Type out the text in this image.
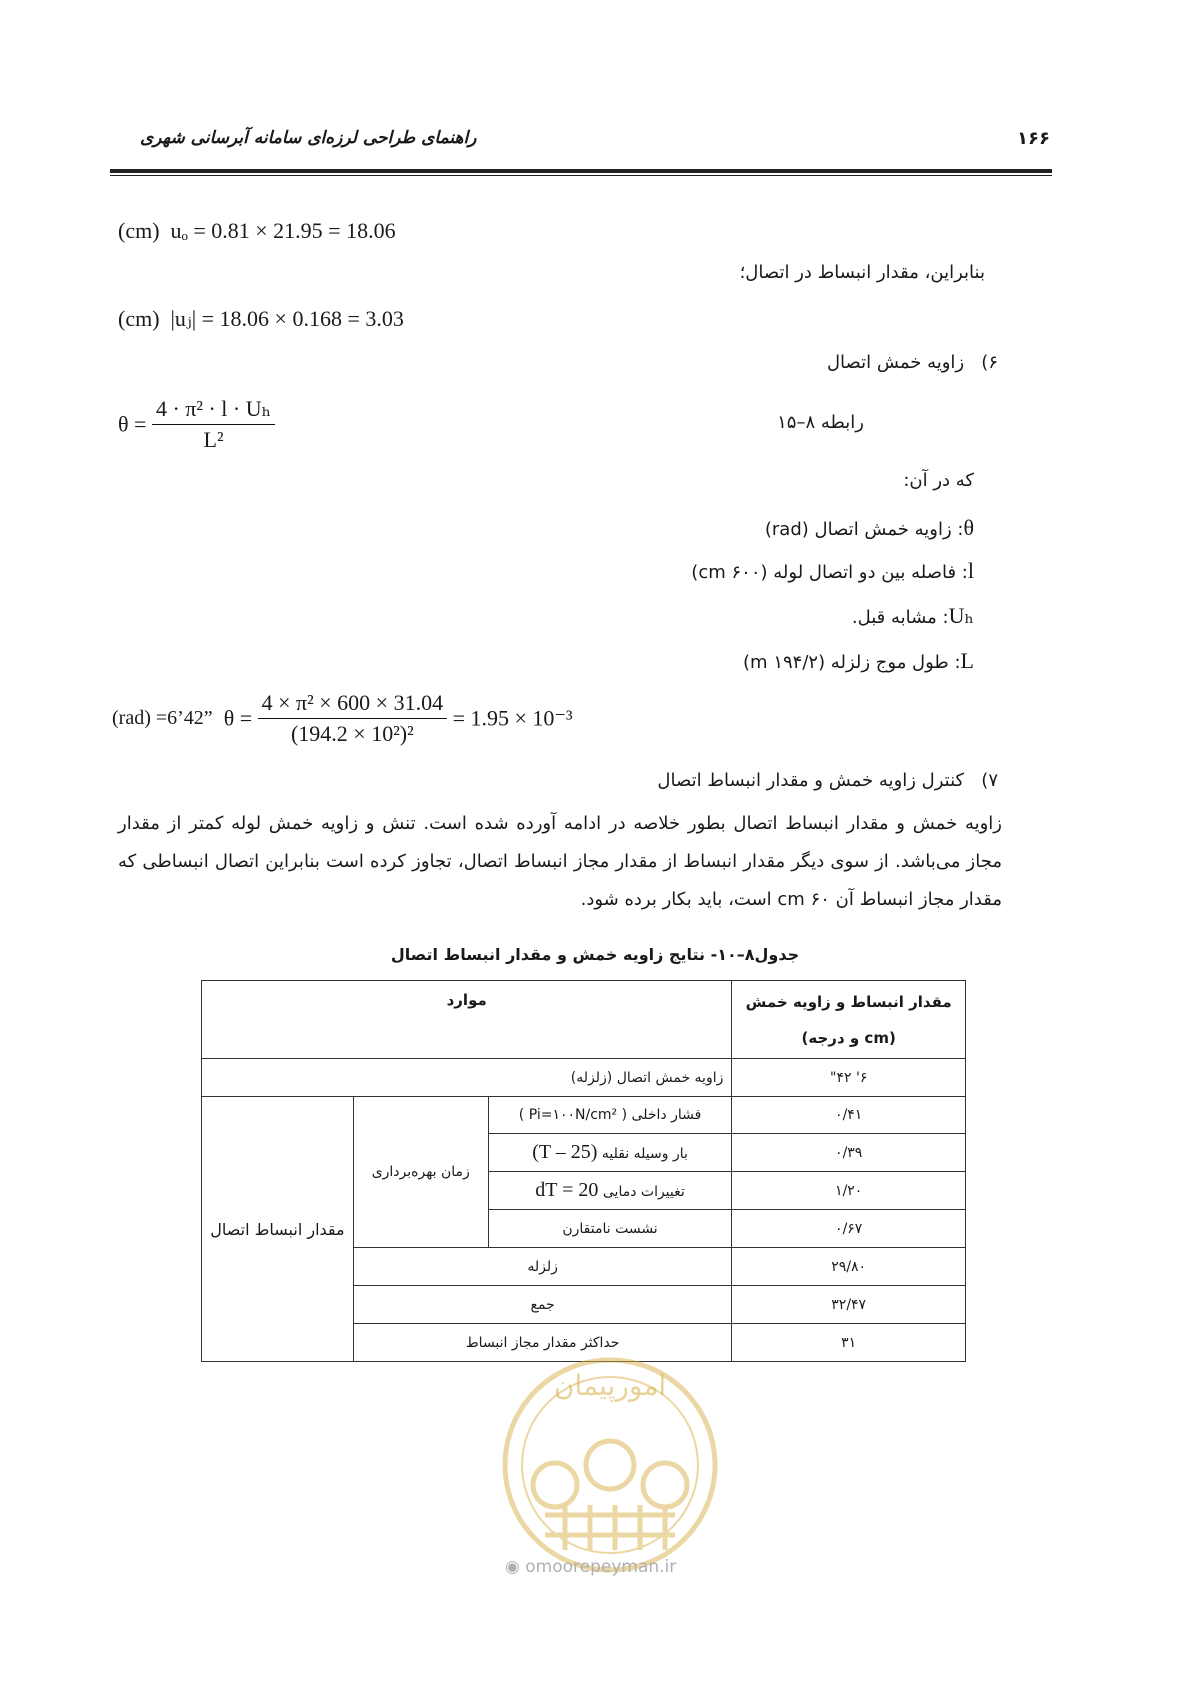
راهنمای طراحی لرزه‌ای سامانه آبرسانی شهری	۱۶۶
(cm) uₒ = 0.81 × 21.95 = 18.06
بنابراین، مقدار انبساط در اتصال؛
(cm) |uⱼ| = 18.06 × 0.168 = 3.03
۶)   زاویه خمش اتصال
$\theta = \frac{\text{4 · π² · l · Uₕ}}{\text{L²}}$	رابطه ۸–۱۵
که در آن:
θ: زاویه خمش اتصال (rad)
l: فاصله بین دو اتصال لوله (۶۰۰ cm)
Uₕ: مشابه قبل.
L: طول موج زلزله (۱۹۴/۲ m)
(rad) =6’42” $\theta = \frac{\text{4 × π² × 600 × 31.04}}{\text{(194.2 × 10²)²}} = 1.95 \times 10^{-3}$
۷)   کنترل زاویه خمش و مقدار انبساط اتصال
زاویه خمش و مقدار انبساط اتصال بطور خلاصه در ادامه آورده شده است. تنش و زاویه خمش لوله کمتر از مقدار مجاز می‌باشد. از سوی دیگر مقدار انبساط از مقدار مجاز انبساط اتصال، تجاوز کرده است بنابراین اتصال انبساطی که مقدار مجاز انبساط آن ۶۰ cm است، باید بکار برده شود.
جدول۸–۱۰- نتایج زاویه خمش و مقدار انبساط اتصال
مقدار انبساط و زاویه خمش
(cm و درجه)	موارد		
۶' ۴۲"	زاویه خمش اتصال (زلزله)		
۰/۴۱	فشار داخلی ( Pi=۱۰۰N/cm² )	زمان بهره‌برداری	مقدار انبساط اتصال
۰/۳۹	بار وسیله نقلیه (T – 25)		
۱/۲۰	تغییرات دمایی dT = 20		
۰/۶۷	نشست نامتقارن		
۲۹/۸۰	زلزله		
۳۲/۴۷	جمع		
۳۱	حداکثر مقدار مجاز انبساط		
امورپیمان
◉ omoorepeyman.ir
